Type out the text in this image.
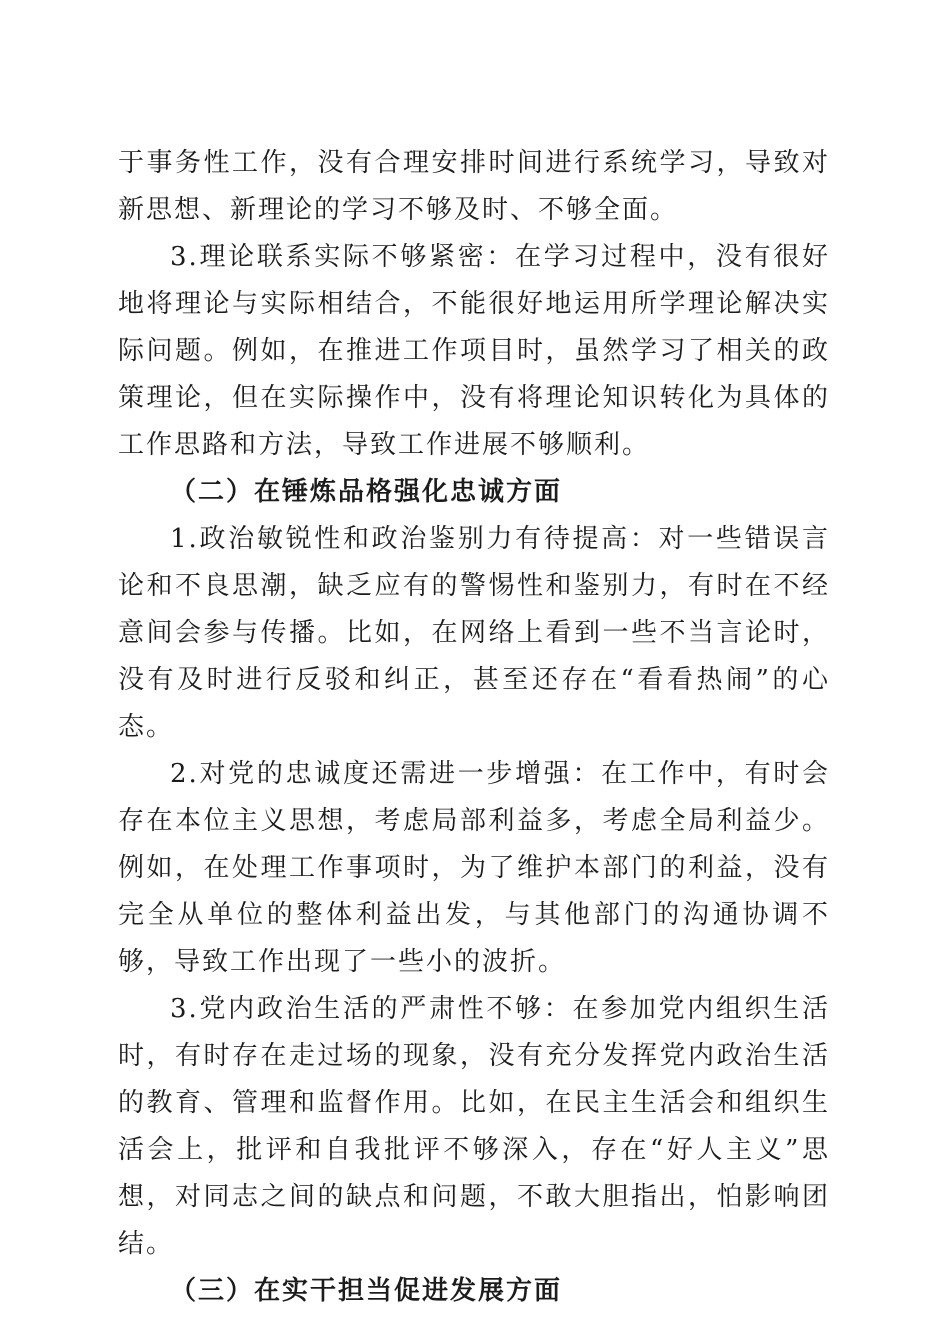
于事务性工作，没有合理安排时间进行系统学习，导致对新思想、新理论的学习不够及时、不够全面。

3.理论联系实际不够紧密：在学习过程中，没有很好地将理论与实际相结合，不能很好地运用所学理论解决实际问题。例如，在推进工作项目时，虽然学习了相关的政策理论，但在实际操作中，没有将理论知识转化为具体的工作思路和方法，导致工作进展不够顺利。

（二）在锤炼品格强化忠诚方面

1.政治敏锐性和政治鉴别力有待提高：对一些错误言论和不良思潮，缺乏应有的警惕性和鉴别力，有时在不经意间会参与传播。比如，在网络上看到一些不当言论时，没有及时进行反驳和纠正，甚至还存在“看看热闹”的心态。

2.对党的忠诚度还需进一步增强：在工作中，有时会存在本位主义思想，考虑局部利益多，考虑全局利益少。例如，在处理工作事项时，为了维护本部门的利益，没有完全从单位的整体利益出发，与其他部门的沟通协调不够，导致工作出现了一些小的波折。

3.党内政治生活的严肃性不够：在参加党内组织生活时，有时存在走过场的现象，没有充分发挥党内政治生活的教育、管理和监督作用。比如，在民主生活会和组织生活会上，批评和自我批评不够深入，存在“好人主义”思想，对同志之间的缺点和问题，不敢大胆指出，怕影响团结。

（三）在实干担当促进发展方面
